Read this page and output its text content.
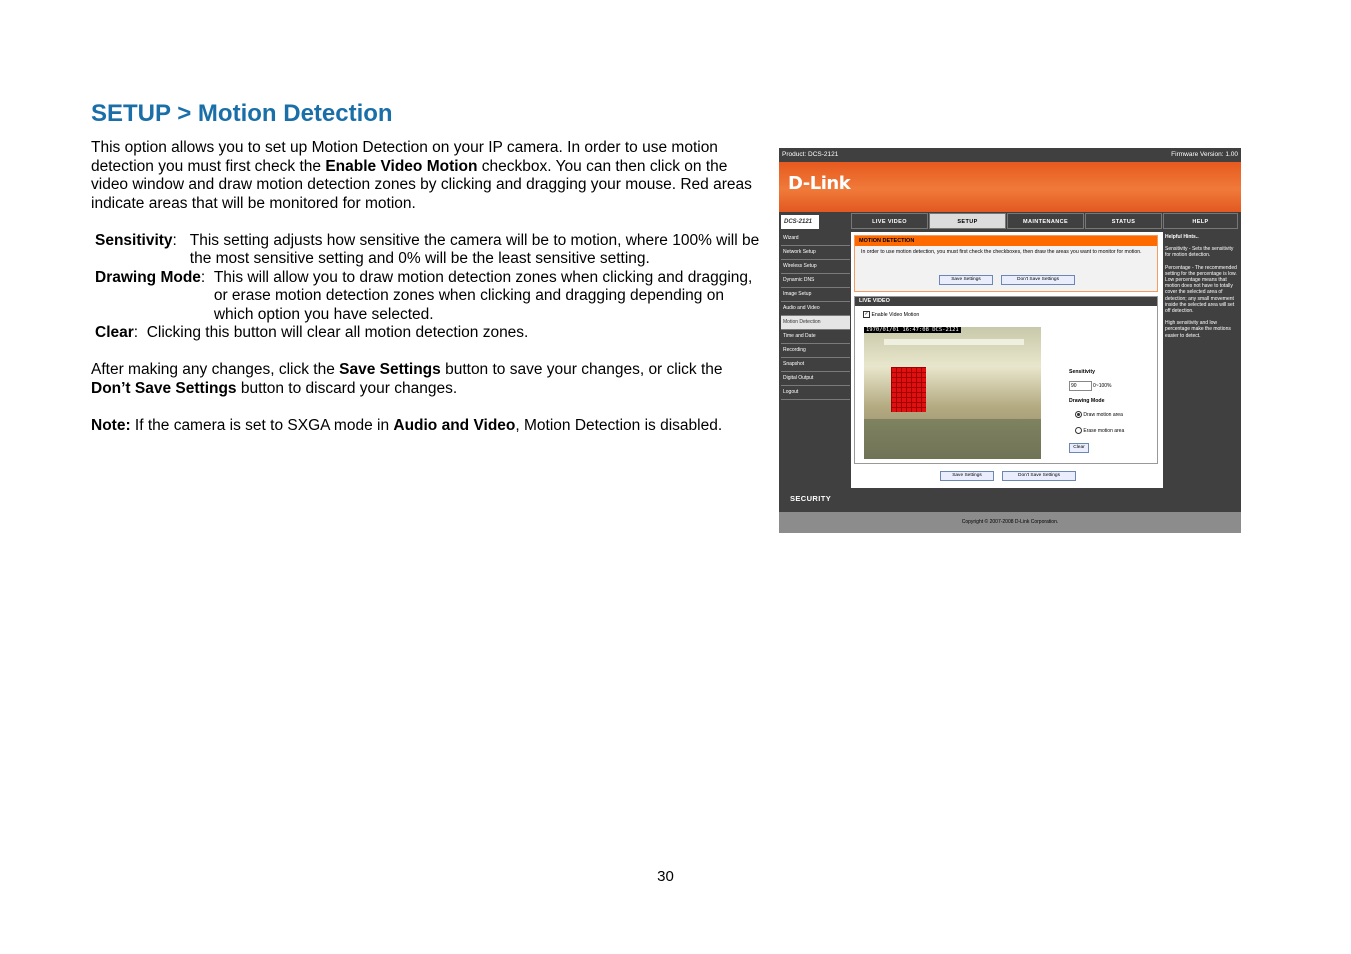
SETUP > Motion Detection

This option allows you to set up Motion Detection on your IP camera. In order to use motion detection you must first check the Enable Video Motion checkbox. You can then click on the video window and draw motion detection zones by clicking and dragging your mouse. Red areas indicate areas that will be monitored for motion.

Sensitivity: This setting adjusts how sensitive the camera will be to motion, where 100% will be the most sensitive setting and 0% will be the least sensitive setting.
Drawing Mode: This will allow you to draw motion detection zones when clicking and dragging, or erase motion detection zones when clicking and dragging depending on which option you have selected.
Clear: Clicking this button will clear all motion detection zones.

After making any changes, click the Save Settings button to save your changes, or click the Don’t Save Settings button to discard your changes.

Note: If the camera is set to SXGA mode in Audio and Video, Motion Detection is disabled.

Product: DCS-2121	Firmware Version: 1.00
D-Link
DCS-2121	LIVE VIDEO	SETUP	MAINTENANCE	STATUS	HELP
Wizard
Network Setup
Wireless Setup
Dynamic DNS
Image Setup
Audio and Video
Motion Detection
Time and Date
Recording
Snapshot
Digital Output
Logout
MOTION DETECTION
In order to use motion detection, you must first check the checkboxes, then draw the areas you want to monitor for motion.
Save Settings	Don't Save Settings
LIVE VIDEO
✓ Enable Video Motion
1970/01/01 16:47:08 DCS-2121
Sensitivity
90	0~100%
Drawing Mode
Draw motion area
Erase motion area
Clear
Save Settings	Don't Save Settings

Helpful Hints..

Sensitivity - Sets the sensitivity for motion detection.

Percentage - The recommended setting for the percentage is low. Low percentage means that motion does not have to totally cover the selected area of detection; any small movement inside the selected area will set off detection.

High sensitivity and low percentage make the motions easier to detect.

SECURITY
Copyright © 2007-2008 D-Link Corporation.
30
